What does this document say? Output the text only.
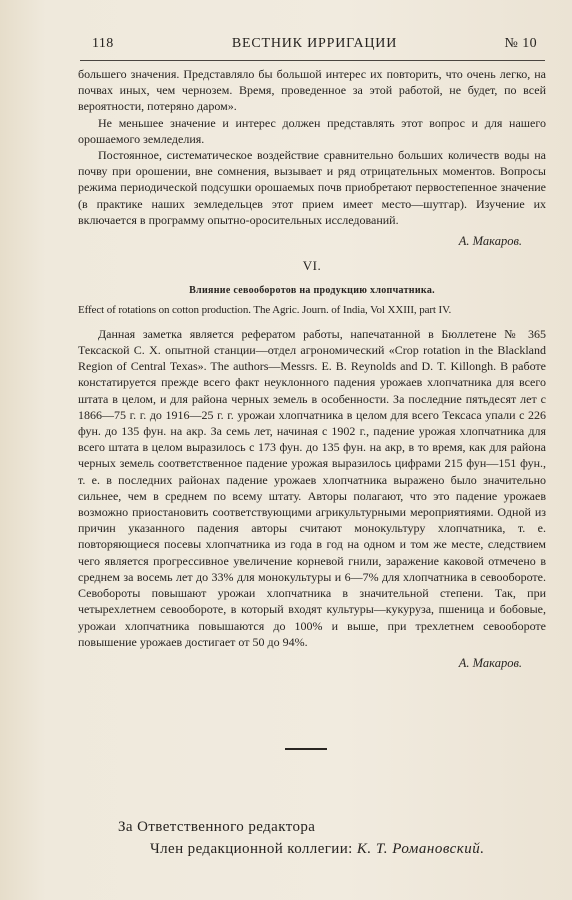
118	ВЕСТНИК ИРРИГАЦИИ	№ 10

большего значения. Представляло бы большой интерес их повторить, что очень легко, на почвах иных, чем чернозем. Время, проведенное за этой работой, не будет, по всей вероятности, потеряно даром».

Не меньшее значение и интерес должен представлять этот вопрос и для нашего орошаемого земледелия.

Постоянное, систематическое воздействие сравнительно больших количеств воды на почву при орошении, вне сомнения, вызывает и ряд отрицательных моментов. Вопросы режима периодической подсушки орошаемых почв приобретают первостепенное значение (в практике наших земледельцев этот прием имеет место—шутгар). Изучение их включается в программу опытно-оросительных исследований.

А. Макаров.
VI.
Влияние севооборотов на продукцию хлопчатника.
Effect of rotations on cotton production. The Agric. Journ. of India, Vol XXIII, part IV.

Данная заметка является рефератом работы, напечатанной в Бюллетене № 365 Тексаской С. Х. опытной станции—отдел агрономический «Crop rotation in the Blackland Region of Central Texas». The authors—Messrs. E. B. Reynolds and D. T. Killongh. В работе констатируется прежде всего факт неуклонного падения урожаев хлопчатника для всего штата в целом, и для района черных земель в особенности. За последние пятьдесят лет с 1866—75 г. г. до 1916—25 г. г. урожаи хлопчатника в целом для всего Тексаса упали с 226 фун. до 135 фун. на акр. За семь лет, начиная с 1902 г., падение урожая хлопчатника для всего штата в целом выразилось с 173 фун. до 135 фун. на акр, в то время, как для района черных земель соответственное падение урожая выразилось цифрами 215 фун—151 фун., т. е. в последних районах падение урожаев хлопчатника выражено было значительно сильнее, чем в среднем по всему штату. Авторы полагают, что это падение урожаев возможно приостановить соответствующими агрикультурными мероприятиями. Одной из причин указанного падения авторы считают монокультуру хлопчатника, т. е. повторяющиеся посевы хлопчатника из года в год на одном и том же месте, следствием чего является прогрессивное увеличение корневой гнили, заражение каковой отмечено в среднем за восемь лет до 33% для монокультуры и 6—7% для хлопчатника в севообороте. Севобороты повышают урожаи хлопчатника в значительной степени. Так, при четырехлетнем севообороте, в который входят культуры—кукуруза, пшеница и бобовые, урожаи хлопчатника повышаются до 100% и выше, при трехлетнем севообороте повышение урожаев достигает от 50 до 94%.

А. Макаров.
За Ответственного редактора
Член редакционной коллегии: К. Т. Романовский.
